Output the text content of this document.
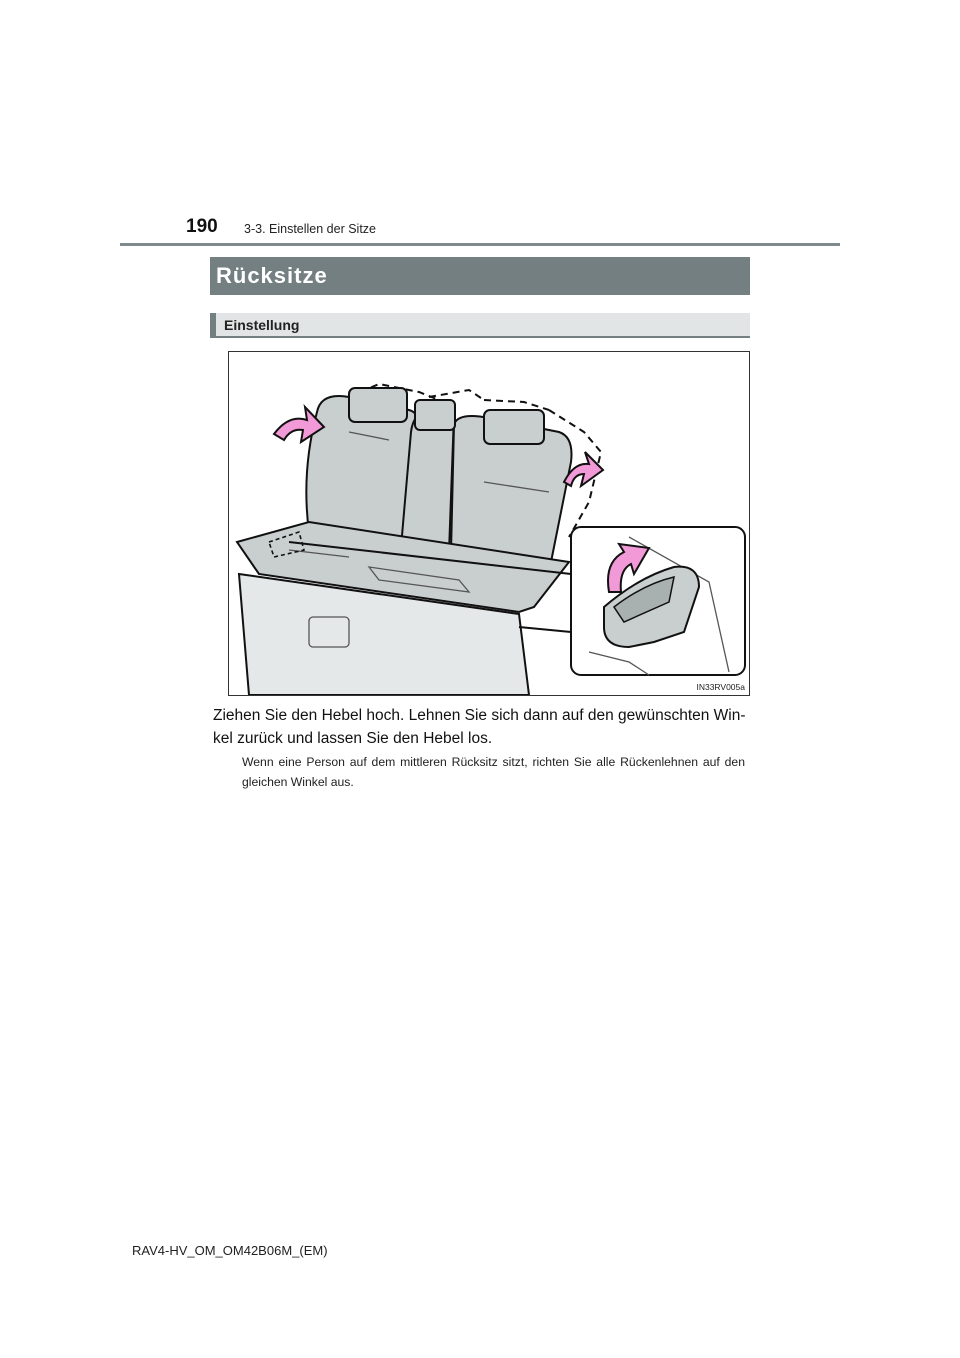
190 3-3. Einstellen der Sitze
Rücksitze
Einstellung
IN33RV005a
Ziehen Sie den Hebel hoch. Lehnen Sie sich dann auf den gewünschten Winkel zurück und lassen Sie den Hebel los.
Wenn eine Person auf dem mittleren Rücksitz sitzt, richten Sie alle Rückenlehnen auf den gleichen Winkel aus.
RAV4-HV_OM_OM42B06M_(EM)
